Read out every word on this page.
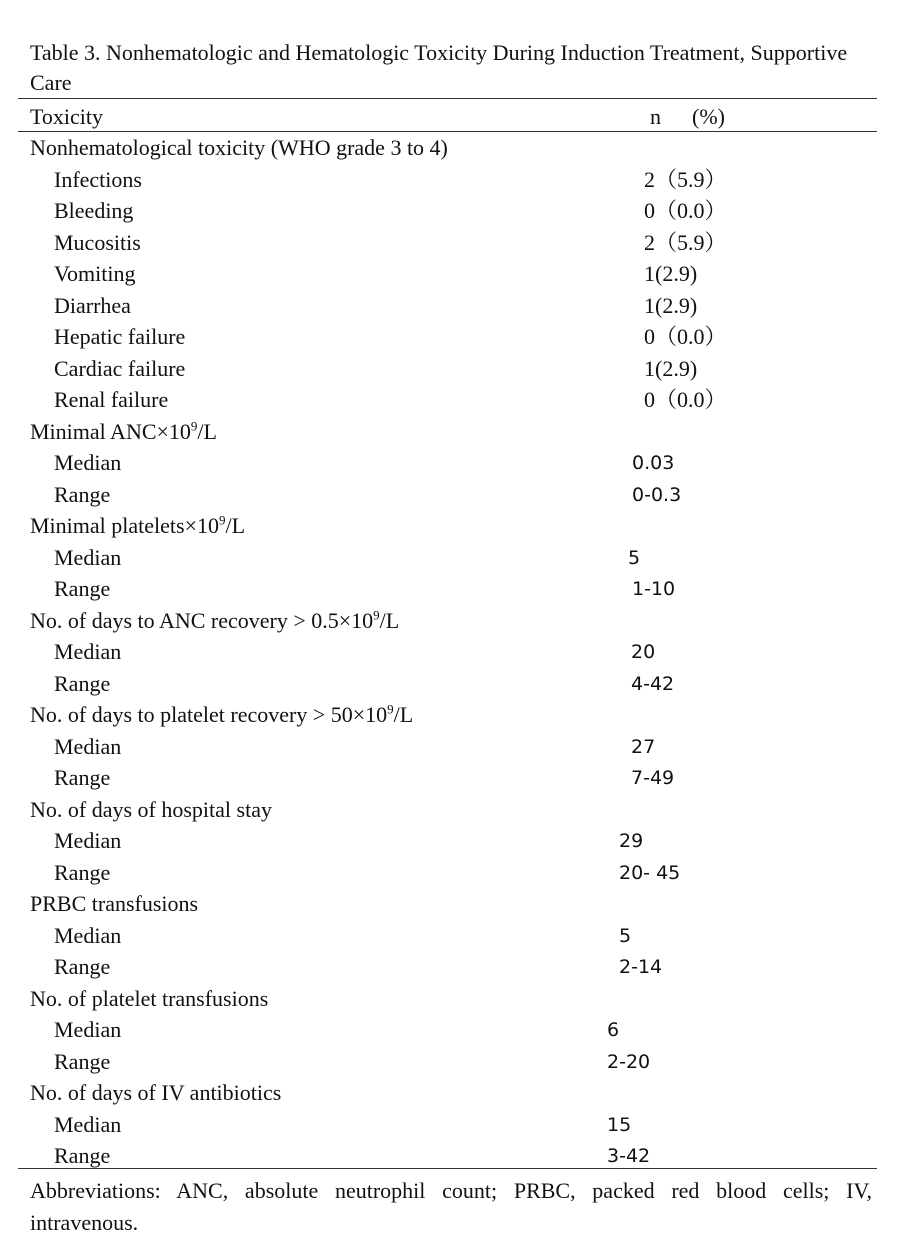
Table 3. Nonhematologic and Hematologic Toxicity During Induction Treatment, Supportive Care
Toxicity	n (%)
Nonhematological toxicity (WHO grade 3 to 4)
Infections	2（5.9）
Bleeding	0（0.0）
Mucositis	2（5.9）
Vomiting	1(2.9)
Diarrhea	1(2.9)
Hepatic failure	0（0.0）
Cardiac failure	1(2.9)
Renal failure	0（0.0）
Minimal $ANC\times 10^9/L$
Median	0.03
Range	0-0.3
Minimal $platelets\times 10^9/L$
Median	5
Range	1-10
No. of days to ANC recovery > $0.5\times 10^9/L$
Median	20
Range	4-42
No. of days to platelet recovery > $50\times 10^9/L$
Median	27
Range	7-49
No. of days of hospital stay
Median	29
Range	20- 45
PRBC transfusions
Median	5
Range	2-14
No. of platelet transfusions
Median	6
Range	2-20
No. of days of IV antibiotics
Median	15
Range	3-42
Abbreviations: ANC, absolute neutrophil count; PRBC, packed red blood cells; IV, intravenous.
